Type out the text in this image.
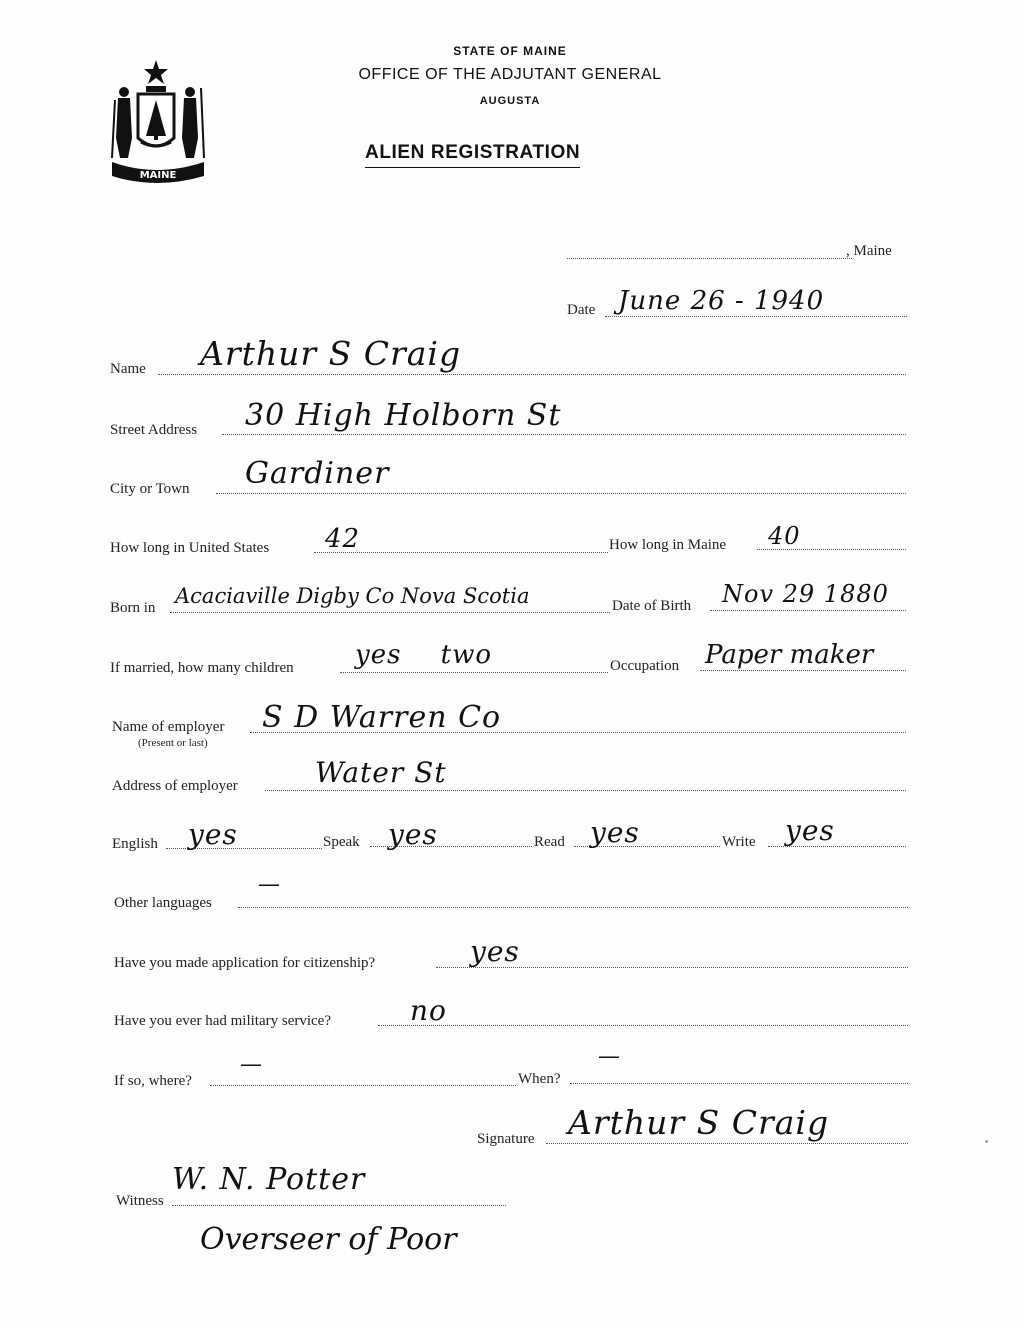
MAINE
STATE OF MAINE
OFFICE OF THE ADJUTANT GENERAL
AUGUSTA
ALIEN REGISTRATION
, Maine
Date June 26 - 1940
Name Arthur S Craig
Street Address 30 High Holborn St
City or Town Gardiner
How long in United States 42	How long in Maine 40
Born in Acaciaville Digby Co Nova Scotia	Date of Birth Nov 29 1880
If married, how many children yes two	Occupation Paper maker
Name of employer
(Present or last)
S D Warren Co
Address of employer	Water St
English yes	Speak yes	Read yes	Write yes
Other languages
—
Have you made application for citizenship?	yes
Have you ever had military service?	no
If so, where?
—
When?
—
Signature Arthur S Craig
Witness
W. N. Potter
Overseer of Poor
